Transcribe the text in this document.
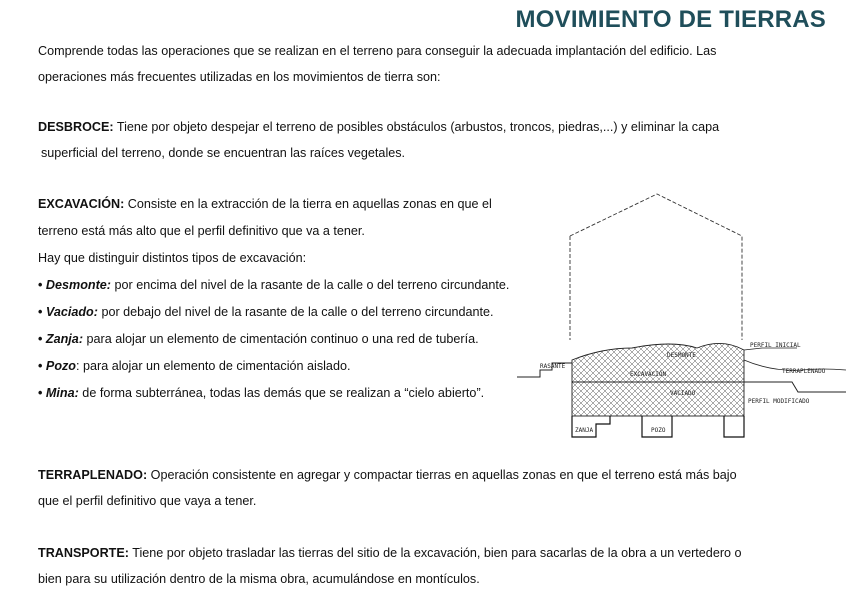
MOVIMIENTO DE TIERRAS
Comprende todas las operaciones que se realizan en el terreno para conseguir la adecuada implantación del edificio. Las
operaciones más frecuentes utilizadas en los movimientos de tierra son:
DESBROCE: Tiene por objeto despejar el terreno de posibles obstáculos (arbustos, troncos, piedras,...) y eliminar la capa
superficial del terreno, donde se encuentran las raíces vegetales.
EXCAVACIÓN: Consiste en la extracción de la tierra en aquellas zonas en que el
terreno está más alto que el perfil definitivo que va a tener.
Hay que distinguir distintos tipos de excavación:
• Desmonte: por encima del nivel de la rasante de la calle o del terreno circundante.
• Vaciado: por debajo del nivel de la rasante de la calle o del terreno circundante.
• Zanja: para alojar un elemento de cimentación continuo o una red de tubería.
• Pozo: para alojar un elemento de cimentación aislado.
• Mina: de forma subterránea, todas las demás que se realizan a “cielo abierto”.
PERFIL INICIAL
TERRAPLENADO
PERFIL MODIFICADO
RASANTE
DESMONTE
EXCAVACIÓN
VACIADO
ZANJA	POZO
TERRAPLENADO: Operación consistente en agregar y compactar tierras en aquellas zonas en que el terreno está más bajo
que el perfil definitivo que vaya a tener.
TRANSPORTE: Tiene por objeto trasladar las tierras del sitio de la excavación, bien para sacarlas de la obra a un vertedero o
bien para su utilización dentro de la misma obra, acumulándose en montículos.
